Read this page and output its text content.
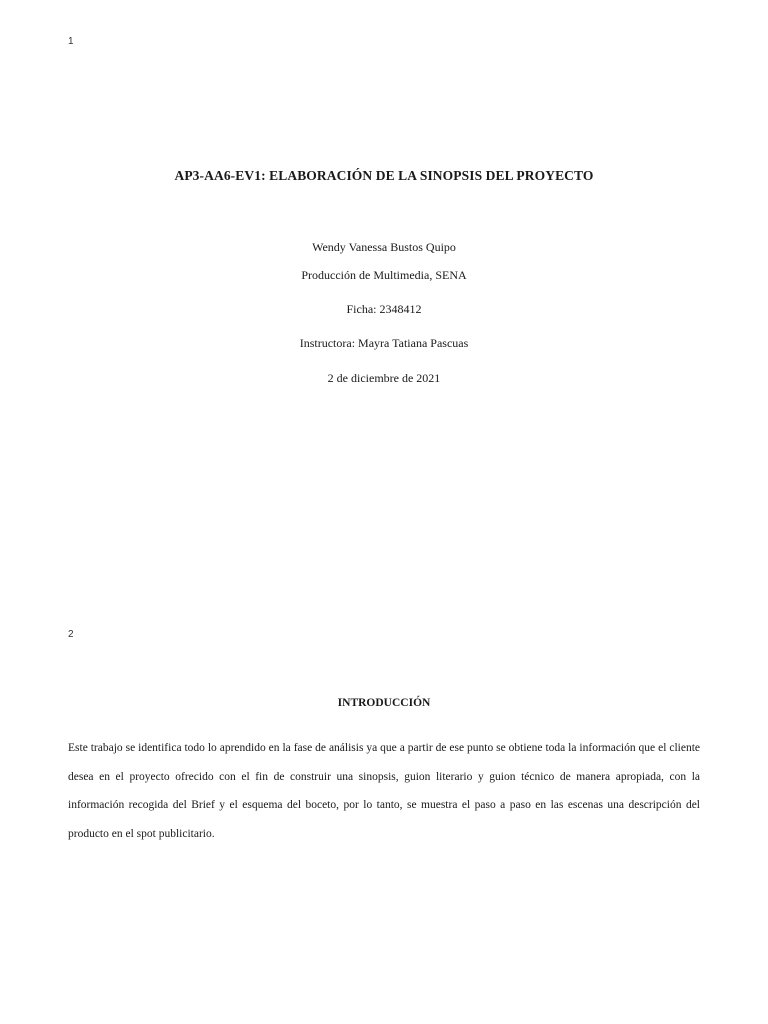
1
AP3-AA6-EV1: ELABORACIÓN DE LA SINOPSIS DEL PROYECTO
Wendy Vanessa Bustos Quipo
Producción de Multimedia, SENA
Ficha: 2348412
Instructora: Mayra Tatiana Pascuas
2 de diciembre de 2021
2
INTRODUCCIÓN

Este trabajo se identifica todo lo aprendido en la fase de análisis ya que a partir de ese punto se obtiene toda la información que el cliente desea en el proyecto ofrecido con el fin de construir una sinopsis, guion literario y guion técnico de manera apropiada, con la información recogida del Brief y el esquema del boceto, por lo tanto, se muestra el paso a paso en las escenas una descripción del producto en el spot publicitario.
